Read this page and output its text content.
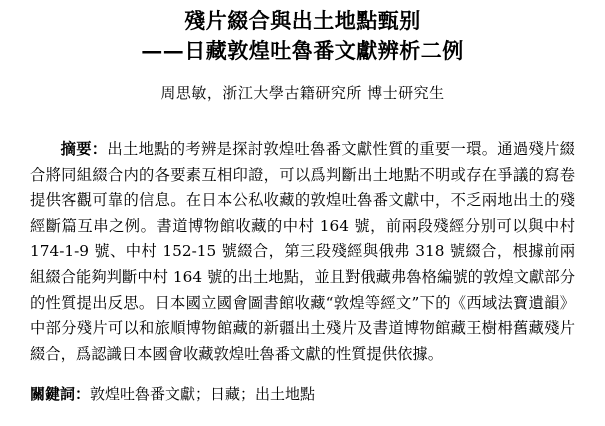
殘片綴合與出土地點甄别
——日藏敦煌吐魯番文獻辨析二例
周思敏，浙江大學古籍研究所 博士研究生

摘要：出土地點的考辨是探討敦煌吐魯番文獻性質的重要一環。通過殘片綴合將同組綴合内的各要素互相印證，可以爲判斷出土地點不明或存在爭議的寫卷提供客觀可靠的信息。在日本公私收藏的敦煌吐魯番文獻中，不乏兩地出土的殘經斷篇互串之例。書道博物館收藏的中村 164 號，前兩段殘經分别可以與中村 174-1-9 號、中村 152-15 號綴合，第三段殘經與俄弗 318 號綴合，根據前兩組綴合能夠判斷中村 164 號的出土地點，並且對俄藏弗魯格編號的敦煌文獻部分的性質提出反思。日本國立國會圖書館收藏“敦煌等經文”下的《西域法寶遺韻》中部分殘片可以和旅順博物館藏的新疆出土殘片及書道博物館藏王樹枏舊藏殘片綴合，爲認識日本國會收藏敦煌吐魯番文獻的性質提供依據。

關鍵詞：敦煌吐魯番文獻；日藏；出土地點
